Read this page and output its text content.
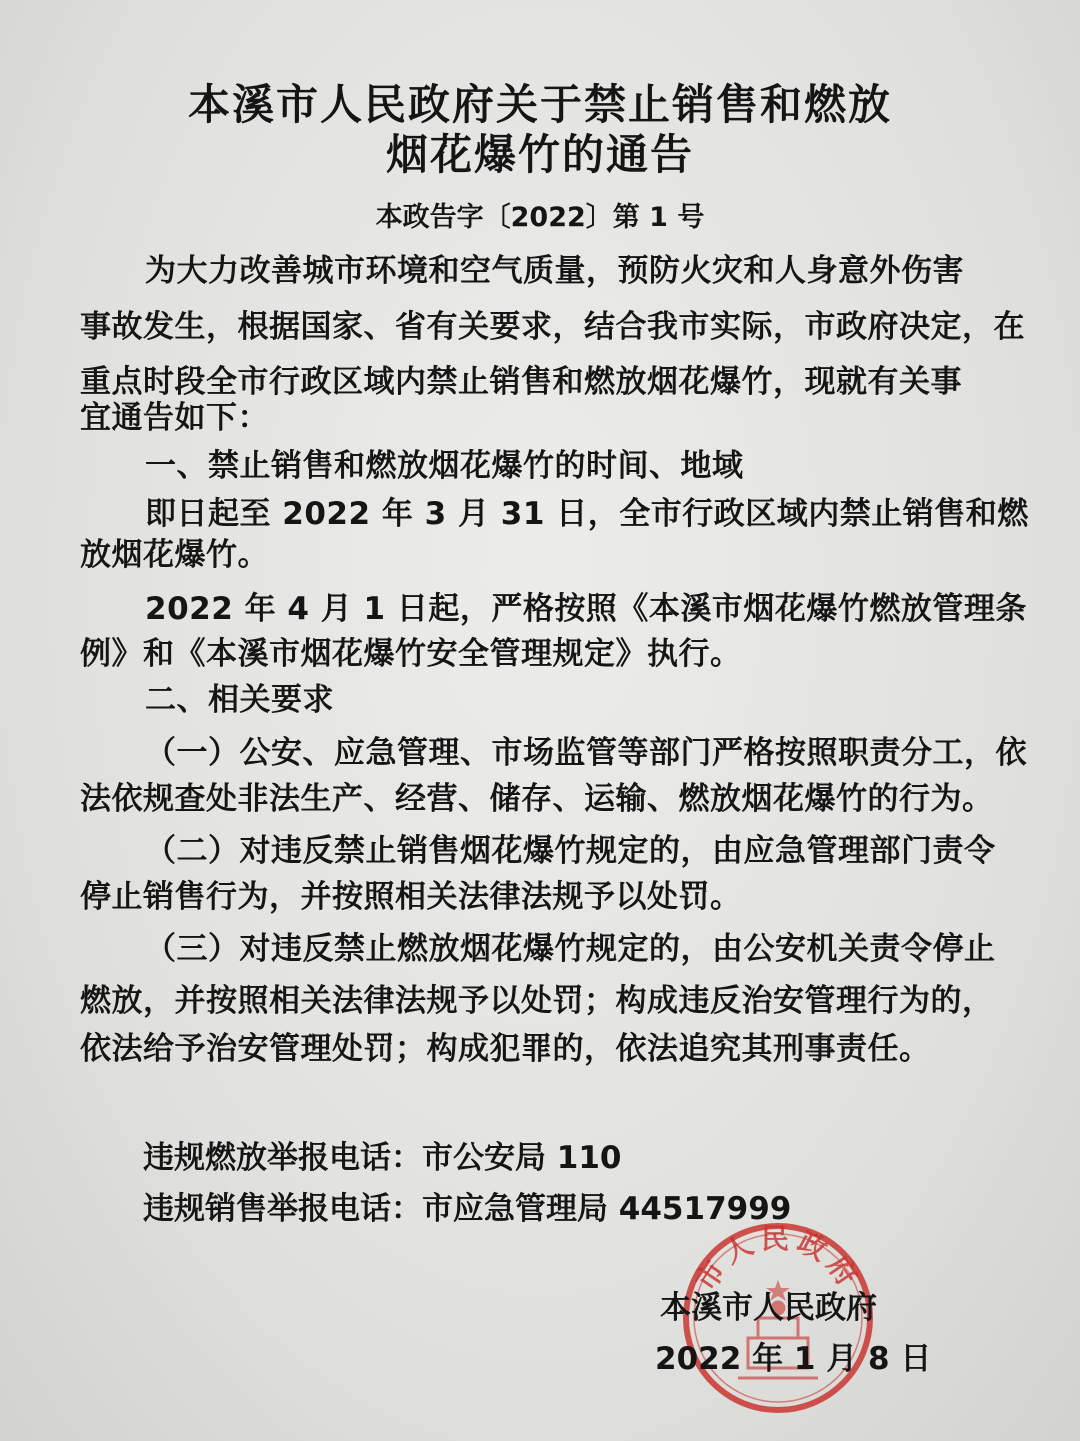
本溪市人民政府关于禁止销售和燃放
烟花爆竹的通告
本政告字〔2022〕第 1 号
为大力改善城市环境和空气质量，预防火灾和人身意外伤害
事故发生，根据国家、省有关要求，结合我市实际，市政府决定，在
重点时段全市行政区域内禁止销售和燃放烟花爆竹，现就有关事
宜通告如下：
一、禁止销售和燃放烟花爆竹的时间、地域
即日起至 2022 年 3 月 31 日，全市行政区域内禁止销售和燃
放烟花爆竹。
2022 年 4 月 1 日起，严格按照《本溪市烟花爆竹燃放管理条
例》和《本溪市烟花爆竹安全管理规定》执行。
二、相关要求
（一）公安、应急管理、市场监管等部门严格按照职责分工，依
法依规查处非法生产、经营、储存、运输、燃放烟花爆竹的行为。
（二）对违反禁止销售烟花爆竹规定的，由应急管理部门责令
停止销售行为，并按照相关法律法规予以处罚。
（三）对违反禁止燃放烟花爆竹规定的，由公安机关责令停止
燃放，并按照相关法律法规予以处罚；构成违反治安管理行为的，
依法给予治安管理处罚；构成犯罪的，依法追究其刑事责任。
违规燃放举报电话：市公安局 110
违规销售举报电话：市应急管理局 44517999
市人民政府
本溪市人民政府
2022 年 1 月 8 日
